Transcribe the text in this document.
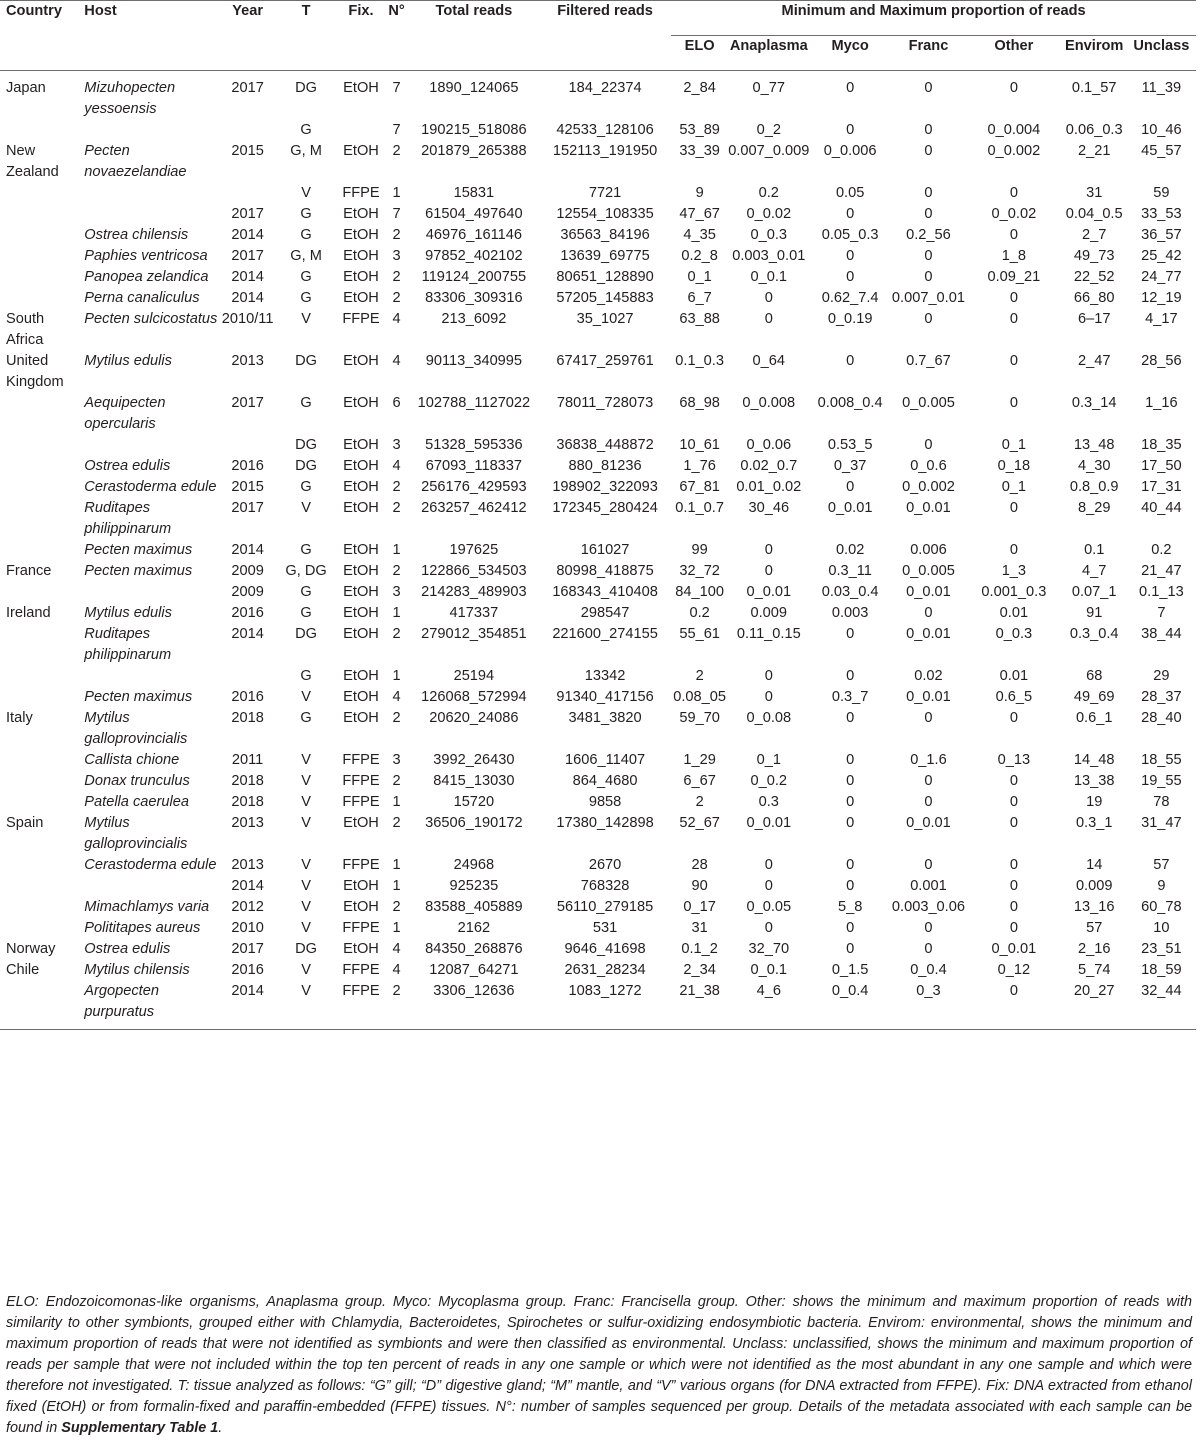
Country	Host	Year	T	Fix.	N°	Total reads	Filtered reads	Minimum and Maximum proportion of reads						
								ELO	Anaplasma	Myco	Franc	Other	Envirom	Unclass
Japan	Mizuhopecten yessoensis	2017	DG	EtOH	7	1890_124065	184_22374	2_84	0_77	0	0	0	0.1_57	11_39
			G		7	190215_518086	42533_128106	53_89	0_2	0	0	0_0.004	0.06_0.3	10_46
New Zealand	Pecten novaezelandiae	2015	G, M	EtOH	2	201879_265388	152113_191950	33_39	0.007_0.009	0_0.006	0	0_0.002	2_21	45_57
			V	FFPE	1	15831	7721	9	0.2	0.05	0	0	31	59
		2017	G	EtOH	7	61504_497640	12554_108335	47_67	0_0.02	0	0	0_0.02	0.04_0.5	33_53
	Ostrea chilensis	2014	G	EtOH	2	46976_161146	36563_84196	4_35	0_0.3	0.05_0.3	0.2_56	0	2_7	36_57
	Paphies ventricosa	2017	G, M	EtOH	3	97852_402102	13639_69775	0.2_8	0.003_0.01	0	0	1_8	49_73	25_42
	Panopea zelandica	2014	G	EtOH	2	119124_200755	80651_128890	0_1	0_0.1	0	0	0.09_21	22_52	24_77
	Perna canaliculus	2014	G	EtOH	2	83306_309316	57205_145883	6_7	0	0.62_7.4	0.007_0.01	0	66_80	12_19
South Africa	Pecten sulcicostatus	2010/11	V	FFPE	4	213_6092	35_1027	63_88	0	0_0.19	0	0	6–17	4_17
United Kingdom	Mytilus edulis	2013	DG	EtOH	4	90113_340995	67417_259761	0.1_0.3	0_64	0	0.7_67	0	2_47	28_56
	Aequipecten opercularis	2017	G	EtOH	6	102788_1127022	78011_728073	68_98	0_0.008	0.008_0.4	0_0.005	0	0.3_14	1_16
			DG	EtOH	3	51328_595336	36838_448872	10_61	0_0.06	0.53_5	0	0_1	13_48	18_35
	Ostrea edulis	2016	DG	EtOH	4	67093_118337	880_81236	1_76	0.02_0.7	0_37	0_0.6	0_18	4_30	17_50
	Cerastoderma edule	2015	G	EtOH	2	256176_429593	198902_322093	67_81	0.01_0.02	0	0_0.002	0_1	0.8_0.9	17_31
	Ruditapes philippinarum	2017	V	EtOH	2	263257_462412	172345_280424	0.1_0.7	30_46	0_0.01	0_0.01	0	8_29	40_44
	Pecten maximus	2014	G	EtOH	1	197625	161027	99	0	0.02	0.006	0	0.1	0.2
France	Pecten maximus	2009	G, DG	EtOH	2	122866_534503	80998_418875	32_72	0	0.3_11	0_0.005	1_3	4_7	21_47
		2009	G	EtOH	3	214283_489903	168343_410408	84_100	0_0.01	0.03_0.4	0_0.01	0.001_0.3	0.07_1	0.1_13
Ireland	Mytilus edulis	2016	G	EtOH	1	417337	298547	0.2	0.009	0.003	0	0.01	91	7
	Ruditapes philippinarum	2014	DG	EtOH	2	279012_354851	221600_274155	55_61	0.11_0.15	0	0_0.01	0_0.3	0.3_0.4	38_44
			G	EtOH	1	25194	13342	2	0	0	0.02	0.01	68	29
	Pecten maximus	2016	V	EtOH	4	126068_572994	91340_417156	0.08_05	0	0.3_7	0_0.01	0.6_5	49_69	28_37
Italy	Mytilus galloprovincialis	2018	G	EtOH	2	20620_24086	3481_3820	59_70	0_0.08	0	0	0	0.6_1	28_40
	Callista chione	2011	V	FFPE	3	3992_26430	1606_11407	1_29	0_1	0	0_1.6	0_13	14_48	18_55
	Donax trunculus	2018	V	FFPE	2	8415_13030	864_4680	6_67	0_0.2	0	0	0	13_38	19_55
	Patella caerulea	2018	V	FFPE	1	15720	9858	2	0.3	0	0	0	19	78
Spain	Mytilus galloprovincialis	2013	V	EtOH	2	36506_190172	17380_142898	52_67	0_0.01	0	0_0.01	0	0.3_1	31_47
	Cerastoderma edule	2013	V	FFPE	1	24968	2670	28	0	0	0	0	14	57
		2014	V	EtOH	1	925235	768328	90	0	0	0.001	0	0.009	9
	Mimachlamys varia	2012	V	EtOH	2	83588_405889	56110_279185	0_17	0_0.05	5_8	0.003_0.06	0	13_16	60_78
	Polititapes aureus	2010	V	FFPE	1	2162	531	31	0	0	0	0	57	10
Norway	Ostrea edulis	2017	DG	EtOH	4	84350_268876	9646_41698	0.1_2	32_70	0	0	0_0.01	2_16	23_51
Chile	Mytilus chilensis	2016	V	FFPE	4	12087_64271	2631_28234	2_34	0_0.1	0_1.5	0_0.4	0_12	5_74	18_59
	Argopecten purpuratus	2014	V	FFPE	2	3306_12636	1083_1272	21_38	4_6	0_0.4	0_3	0	20_27	32_44
ELO: Endozoicomonas-like organisms, Anaplasma group. Myco: Mycoplasma group. Franc: Francisella group. Other: shows the minimum and maximum proportion of reads with similarity to other symbionts, grouped either with Chlamydia, Bacteroidetes, Spirochetes or sulfur-oxidizing endosymbiotic bacteria. Envirom: environmental, shows the minimum and maximum proportion of reads that were not identified as symbionts and were then classified as environmental. Unclass: unclassified, shows the minimum and maximum proportion of reads per sample that were not included within the top ten percent of reads in any one sample or which were not identified as the most abundant in any one sample and which were therefore not investigated. T: tissue analyzed as follows: “G” gill; “D” digestive gland; “M” mantle, and “V” various organs (for DNA extracted from FFPE). Fix: DNA extracted from ethanol fixed (EtOH) or from formalin-fixed and paraffin-embedded (FFPE) tissues. N°: number of samples sequenced per group. Details of the metadata associated with each sample can be found in Supplementary Table 1.
